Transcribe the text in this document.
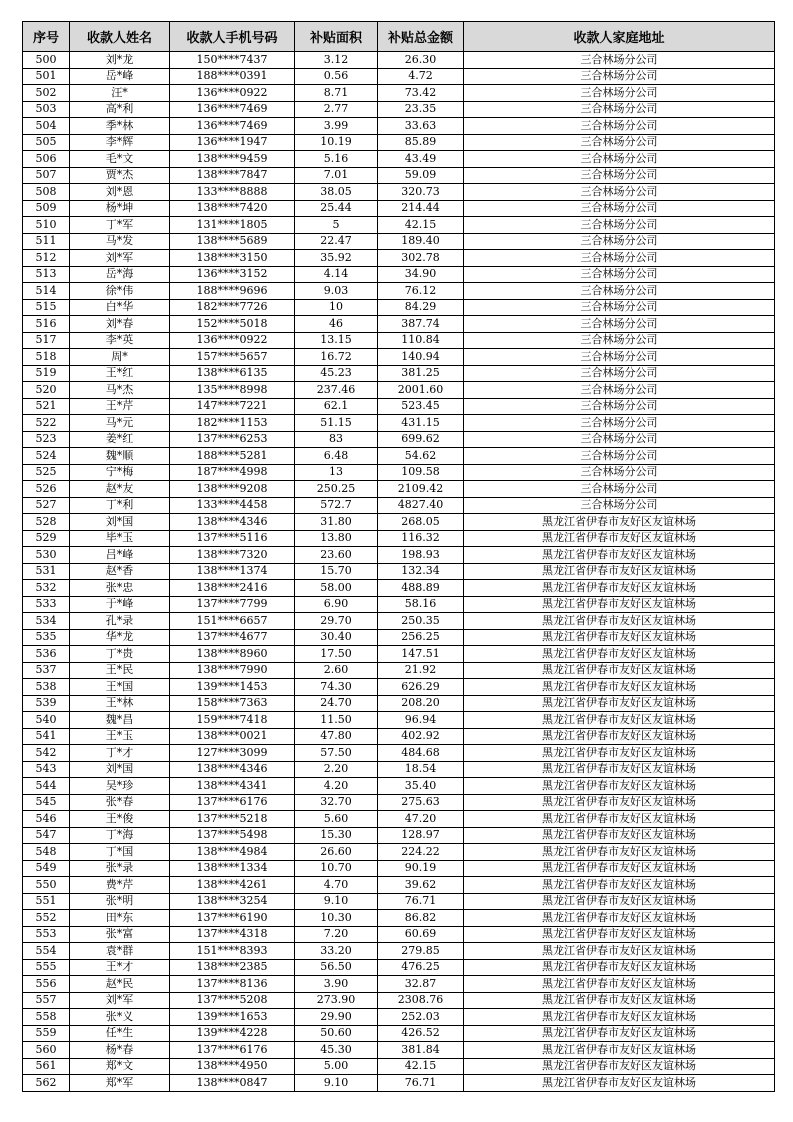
序号	收款人姓名	收款人手机号码	补贴面积	补贴总金额	收款人家庭地址
500	刘*龙	150****7437	3.12	26.30	三合林场分公司
501	岳*峰	188****0391	0.56	4.72	三合林场分公司
502	汪*	136****0922	8.71	73.42	三合林场分公司
503	高*利	136****7469	2.77	23.35	三合林场分公司
504	季*林	136****7469	3.99	33.63	三合林场分公司
505	李*辉	136****1947	10.19	85.89	三合林场分公司
506	毛*文	138****9459	5.16	43.49	三合林场分公司
507	贾*杰	138****7847	7.01	59.09	三合林场分公司
508	刘*恩	133****8888	38.05	320.73	三合林场分公司
509	杨*坤	138****7420	25.44	214.44	三合林场分公司
510	丁*军	131****1805	5	42.15	三合林场分公司
511	马*发	138****5689	22.47	189.40	三合林场分公司
512	刘*军	138****3150	35.92	302.78	三合林场分公司
513	岳*海	136****3152	4.14	34.90	三合林场分公司
514	徐*伟	188****9696	9.03	76.12	三合林场分公司
515	白*华	182****7726	10	84.29	三合林场分公司
516	刘*春	152****5018	46	387.74	三合林场分公司
517	李*英	136****0922	13.15	110.84	三合林场分公司
518	周*	157****5657	16.72	140.94	三合林场分公司
519	王*红	138****6135	45.23	381.25	三合林场分公司
520	马*杰	135****8998	237.46	2001.60	三合林场分公司
521	王*芹	147****7221	62.1	523.45	三合林场分公司
522	马*元	182****1153	51.15	431.15	三合林场分公司
523	姜*红	137****6253	83	699.62	三合林场分公司
524	魏*顺	188****5281	6.48	54.62	三合林场分公司
525	宁*梅	187****4998	13	109.58	三合林场分公司
526	赵*友	138****9208	250.25	2109.42	三合林场分公司
527	丁*利	133****4458	572.7	4827.40	三合林场分公司
528	刘*国	138****4346	31.80	268.05	黑龙江省伊春市友好区友谊林场
529	毕*玉	137****5116	13.80	116.32	黑龙江省伊春市友好区友谊林场
530	吕*峰	138****7320	23.60	198.93	黑龙江省伊春市友好区友谊林场
531	赵*香	138****1374	15.70	132.34	黑龙江省伊春市友好区友谊林场
532	张*忠	138****2416	58.00	488.89	黑龙江省伊春市友好区友谊林场
533	于*峰	137****7799	6.90	58.16	黑龙江省伊春市友好区友谊林场
534	孔*录	151****6657	29.70	250.35	黑龙江省伊春市友好区友谊林场
535	华*龙	137****4677	30.40	256.25	黑龙江省伊春市友好区友谊林场
536	丁*贵	138****8960	17.50	147.51	黑龙江省伊春市友好区友谊林场
537	王*民	138****7990	2.60	21.92	黑龙江省伊春市友好区友谊林场
538	王*国	139****1453	74.30	626.29	黑龙江省伊春市友好区友谊林场
539	王*林	158****7363	24.70	208.20	黑龙江省伊春市友好区友谊林场
540	魏*昌	159****7418	11.50	96.94	黑龙江省伊春市友好区友谊林场
541	王*玉	138****0021	47.80	402.92	黑龙江省伊春市友好区友谊林场
542	丁*才	127****3099	57.50	484.68	黑龙江省伊春市友好区友谊林场
543	刘*国	138****4346	2.20	18.54	黑龙江省伊春市友好区友谊林场
544	吴*珍	138****4341	4.20	35.40	黑龙江省伊春市友好区友谊林场
545	张*春	137****6176	32.70	275.63	黑龙江省伊春市友好区友谊林场
546	王*俊	137****5218	5.60	47.20	黑龙江省伊春市友好区友谊林场
547	丁*海	137****5498	15.30	128.97	黑龙江省伊春市友好区友谊林场
548	丁*国	138****4984	26.60	224.22	黑龙江省伊春市友好区友谊林场
549	张*录	138****1334	10.70	90.19	黑龙江省伊春市友好区友谊林场
550	费*芹	138****4261	4.70	39.62	黑龙江省伊春市友好区友谊林场
551	张*明	138****3254	9.10	76.71	黑龙江省伊春市友好区友谊林场
552	田*东	137****6190	10.30	86.82	黑龙江省伊春市友好区友谊林场
553	张*富	137****4318	7.20	60.69	黑龙江省伊春市友好区友谊林场
554	袁*群	151****8393	33.20	279.85	黑龙江省伊春市友好区友谊林场
555	王*才	138****2385	56.50	476.25	黑龙江省伊春市友好区友谊林场
556	赵*民	137****8136	3.90	32.87	黑龙江省伊春市友好区友谊林场
557	刘*军	137****5208	273.90	2308.76	黑龙江省伊春市友好区友谊林场
558	张*义	139****1653	29.90	252.03	黑龙江省伊春市友好区友谊林场
559	任*生	139****4228	50.60	426.52	黑龙江省伊春市友好区友谊林场
560	杨*春	137****6176	45.30	381.84	黑龙江省伊春市友好区友谊林场
561	郑*文	138****4950	5.00	42.15	黑龙江省伊春市友好区友谊林场
562	郑*军	138****0847	9.10	76.71	黑龙江省伊春市友好区友谊林场
